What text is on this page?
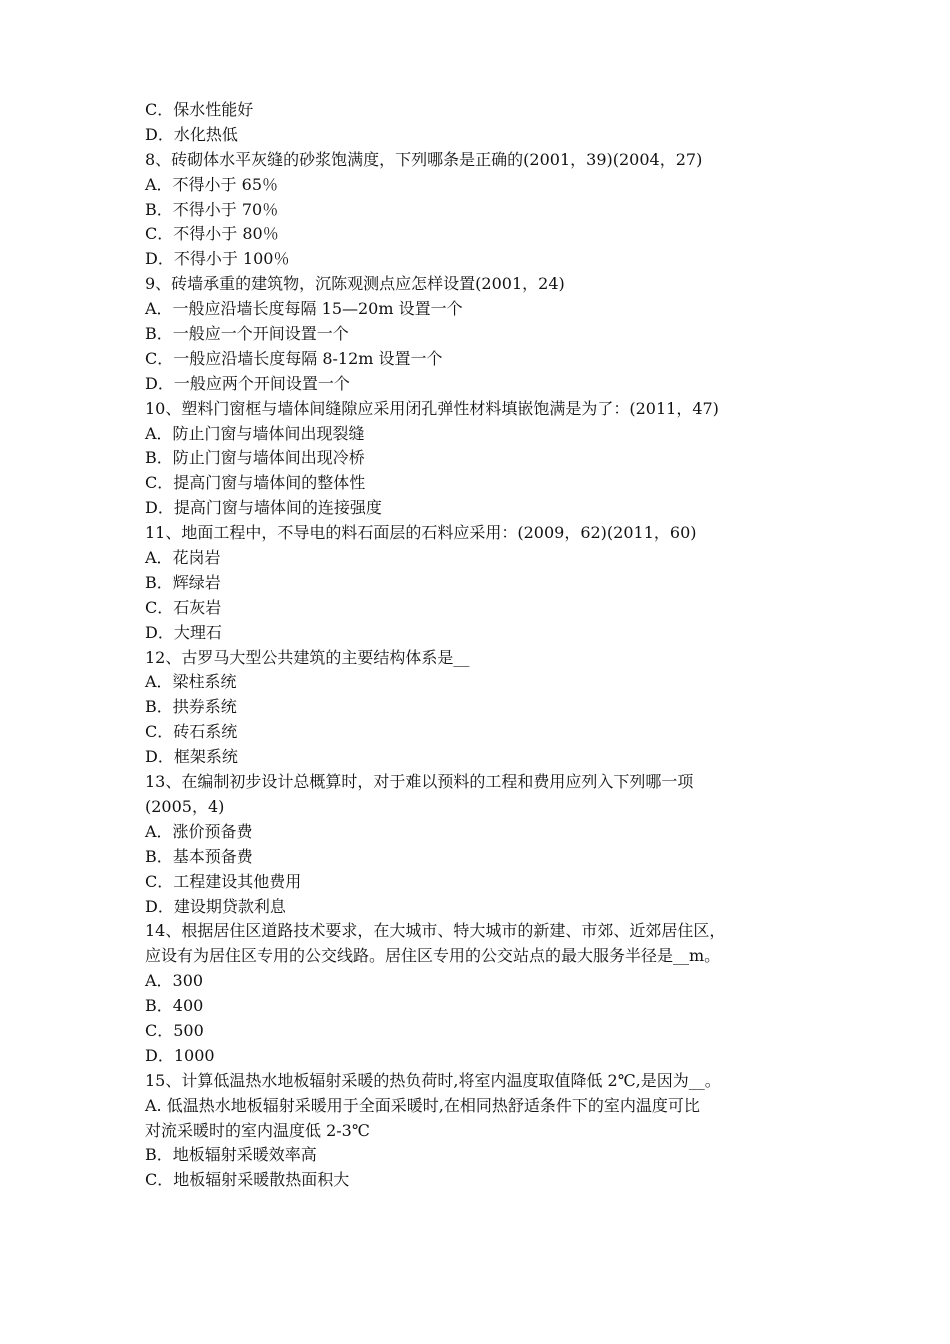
C．保水性能好
D．水化热低
8、砖砌体水平灰缝的砂浆饱满度，下列哪条是正确的(2001，39)(2004，27)
A．不得小于 65％
B．不得小于 70％
C．不得小于 80％
D．不得小于 100％
9、砖墙承重的建筑物，沉陈观测点应怎样设置(2001，24)
A．一般应沿墙长度每隔 15—20m 设置一个
B．一般应一个开间设置一个
C．一般应沿墙长度每隔 8-12m 设置一个
D．一般应两个开间设置一个
10、塑料门窗框与墙体间缝隙应采用闭孔弹性材料填嵌饱满是为了：(2011，47)
A．防止门窗与墙体间出现裂缝
B．防止门窗与墙体间出现冷桥
C．提高门窗与墙体间的整体性
D．提高门窗与墙体间的连接强度
11、地面工程中，不导电的料石面层的石料应采用：(2009，62)(2011，60)
A．花岗岩
B．辉绿岩
C．石灰岩
D．大理石
12、古罗马大型公共建筑的主要结构体系是__
A．梁柱系统
B．拱券系统
C．砖石系统
D．框架系统
13、在编制初步设计总概算时，对于难以预料的工程和费用应列入下列哪一项
(2005，4)
A．涨价预备费
B．基本预备费
C．工程建设其他费用
D．建设期贷款利息
14、根据居住区道路技术要求，在大城市、特大城市的新建、市郊、近郊居住区，
应设有为居住区专用的公交线路。居住区专用的公交站点的最大服务半径是__m。
A．300
B．400
C．500
D．1000
15、计算低温热水地板辐射采暖的热负荷时,将室内温度取值降低 2℃,是因为__。
A. 低温热水地板辐射采暖用于全面采暖时,在相同热舒适条件下的室内温度可比
对流采暖时的室内温度低 2-3℃
B．地板辐射采暖效率高
C．地板辐射采暖散热面积大
